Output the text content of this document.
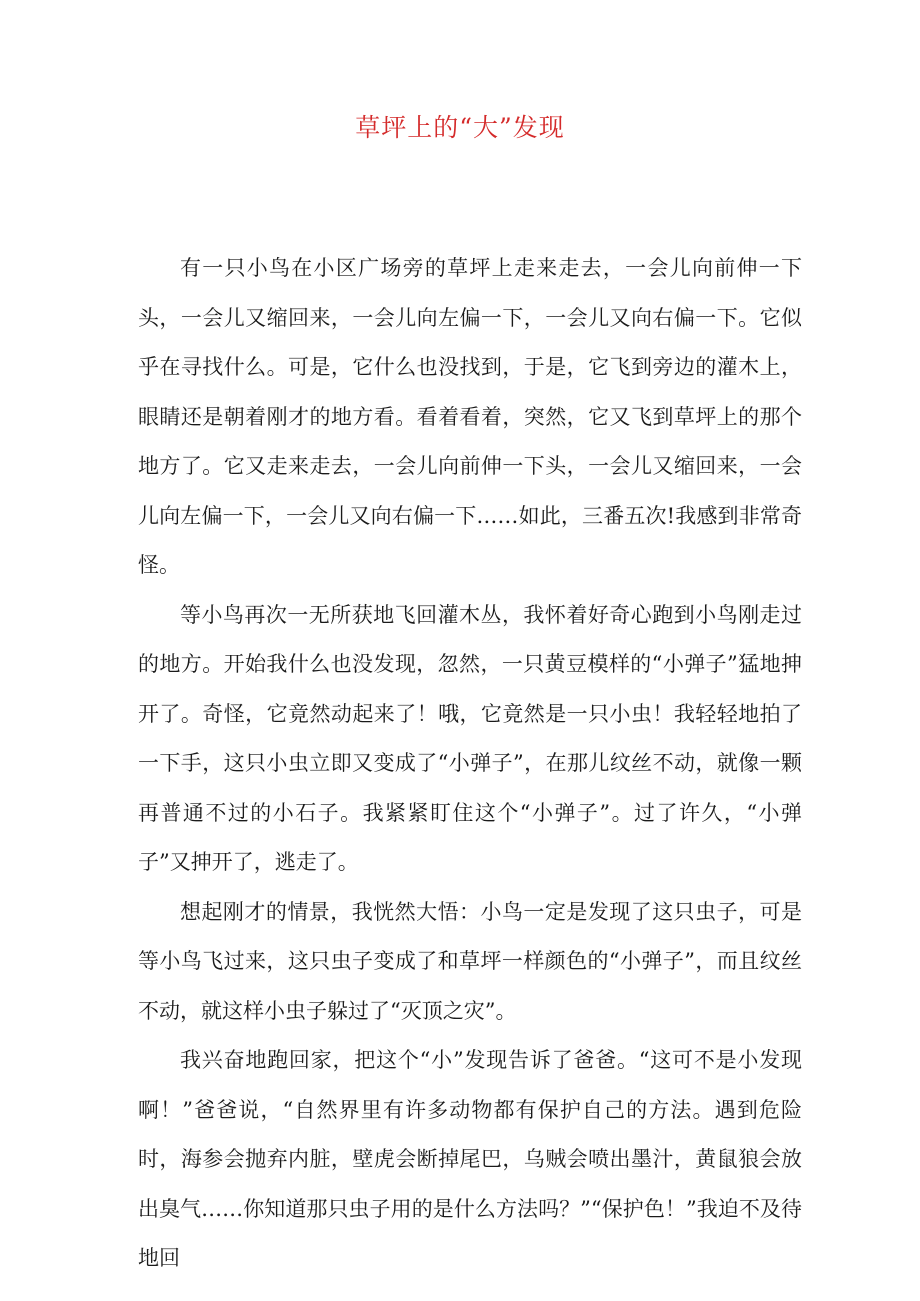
草坪上的“大”发现

有一只小鸟在小区广场旁的草坪上走来走去，一会儿向前伸一下头，一会儿又缩回来，一会儿向左偏一下，一会儿又向右偏一下。它似乎在寻找什么。可是，它什么也没找到，于是，它飞到旁边的灌木上，眼睛还是朝着刚才的地方看。看着看着，突然，它又飞到草坪上的那个地方了。它又走来走去，一会儿向前伸一下头，一会儿又缩回来，一会儿向左偏一下，一会儿又向右偏一下……如此，三番五次!我感到非常奇怪。

等小鸟再次一无所获地飞回灌木丛，我怀着好奇心跑到小鸟刚走过的地方。开始我什么也没发现，忽然，一只黄豆模样的“小弹子”猛地抻开了。奇怪，它竟然动起来了！哦，它竟然是一只小虫！我轻轻地拍了一下手，这只小虫立即又变成了“小弹子”，在那儿纹丝不动，就像一颗再普通不过的小石子。我紧紧盯住这个“小弹子”。过了许久，“小弹子”又抻开了，逃走了。

想起刚才的情景，我恍然大悟：小鸟一定是发现了这只虫子，可是等小鸟飞过来，这只虫子变成了和草坪一样颜色的“小弹子”，而且纹丝不动，就这样小虫子躲过了“灭顶之灾”。

我兴奋地跑回家，把这个“小”发现告诉了爸爸。“这可不是小发现啊！”爸爸说，“自然界里有许多动物都有保护自己的方法。遇到危险时，海参会抛弃内脏，壁虎会断掉尾巴，乌贼会喷出墨汁，黄鼠狼会放出臭气……你知道那只虫子用的是什么方法吗？”“保护色！”我迫不及待地回
